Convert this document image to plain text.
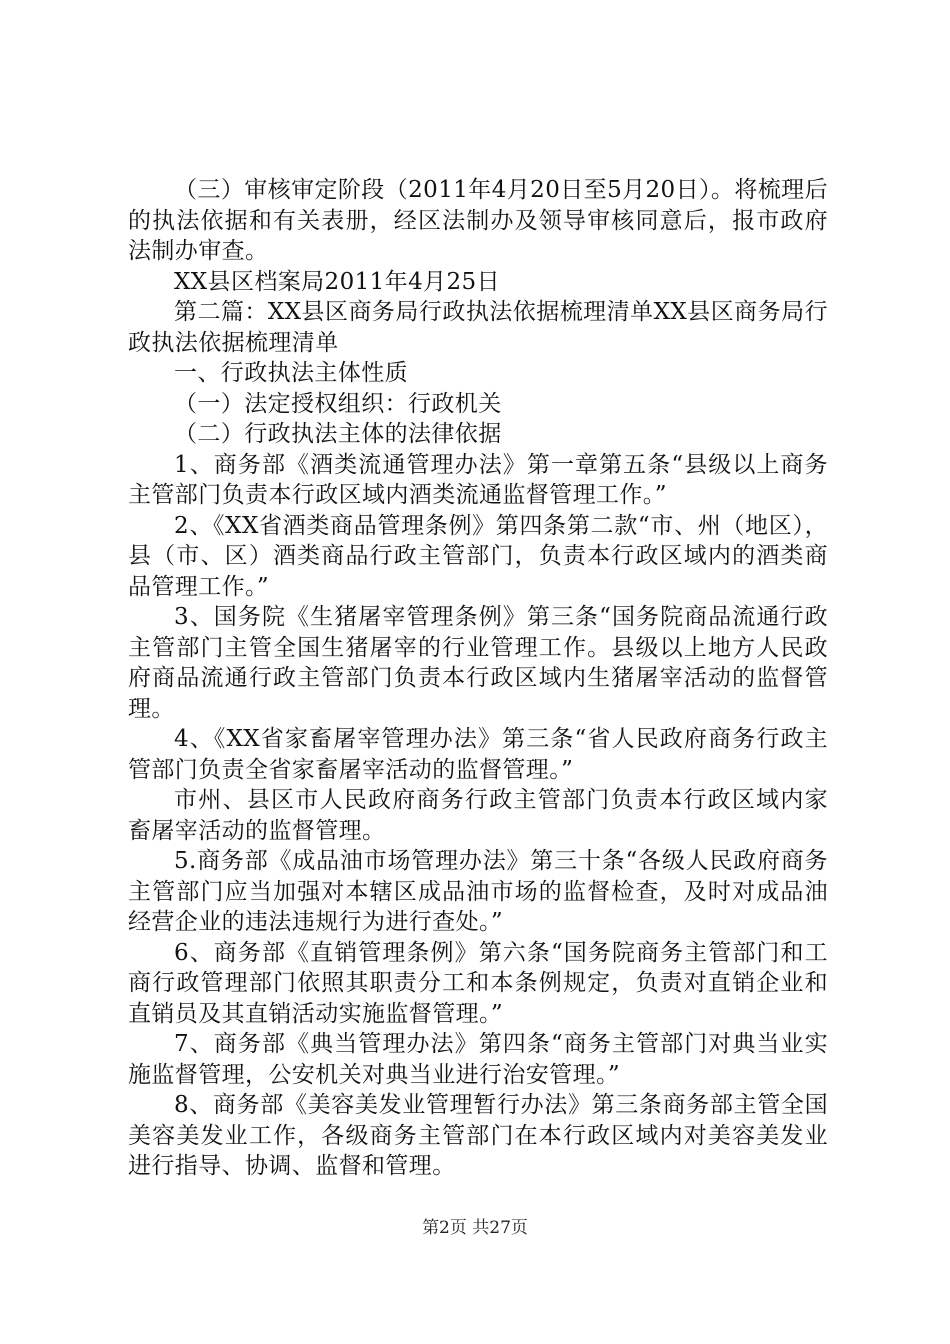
（三）审核审定阶段（2011年4月20日至5月20日）。将梳理后的执法依据和有关表册，经区法制办及领导审核同意后，报市政府法制办审查。

XX县区档案局2011年4月25日

第二篇：XX县区商务局行政执法依据梳理清单XX县区商务局行政执法依据梳理清单

一、行政执法主体性质

（一）法定授权组织：行政机关

（二）行政执法主体的法律依据

1、商务部《酒类流通管理办法》第一章第五条“县级以上商务主管部门负责本行政区域内酒类流通监督管理工作。”

2、《XX省酒类商品管理条例》第四条第二款“市、州（地区），县（市、区）酒类商品行政主管部门，负责本行政区域内的酒类商品管理工作。”

3、国务院《生猪屠宰管理条例》第三条“国务院商品流通行政主管部门主管全国生猪屠宰的行业管理工作。县级以上地方人民政府商品流通行政主管部门负责本行政区域内生猪屠宰活动的监督管理。

4、《XX省家畜屠宰管理办法》第三条“省人民政府商务行政主管部门负责全省家畜屠宰活动的监督管理。”

市州、县区市人民政府商务行政主管部门负责本行政区域内家畜屠宰活动的监督管理。

5.商务部《成品油市场管理办法》第三十条“各级人民政府商务主管部门应当加强对本辖区成品油市场的监督检查，及时对成品油经营企业的违法违规行为进行查处。”

6、商务部《直销管理条例》第六条“国务院商务主管部门和工商行政管理部门依照其职责分工和本条例规定，负责对直销企业和直销员及其直销活动实施监督管理。”

7、商务部《典当管理办法》第四条“商务主管部门对典当业实施监督管理，公安机关对典当业进行治安管理。”

8、商务部《美容美发业管理暂行办法》第三条商务部主管全国美容美发业工作，各级商务主管部门在本行政区域内对美容美发业进行指导、协调、监督和管理。

第2页 共27页
